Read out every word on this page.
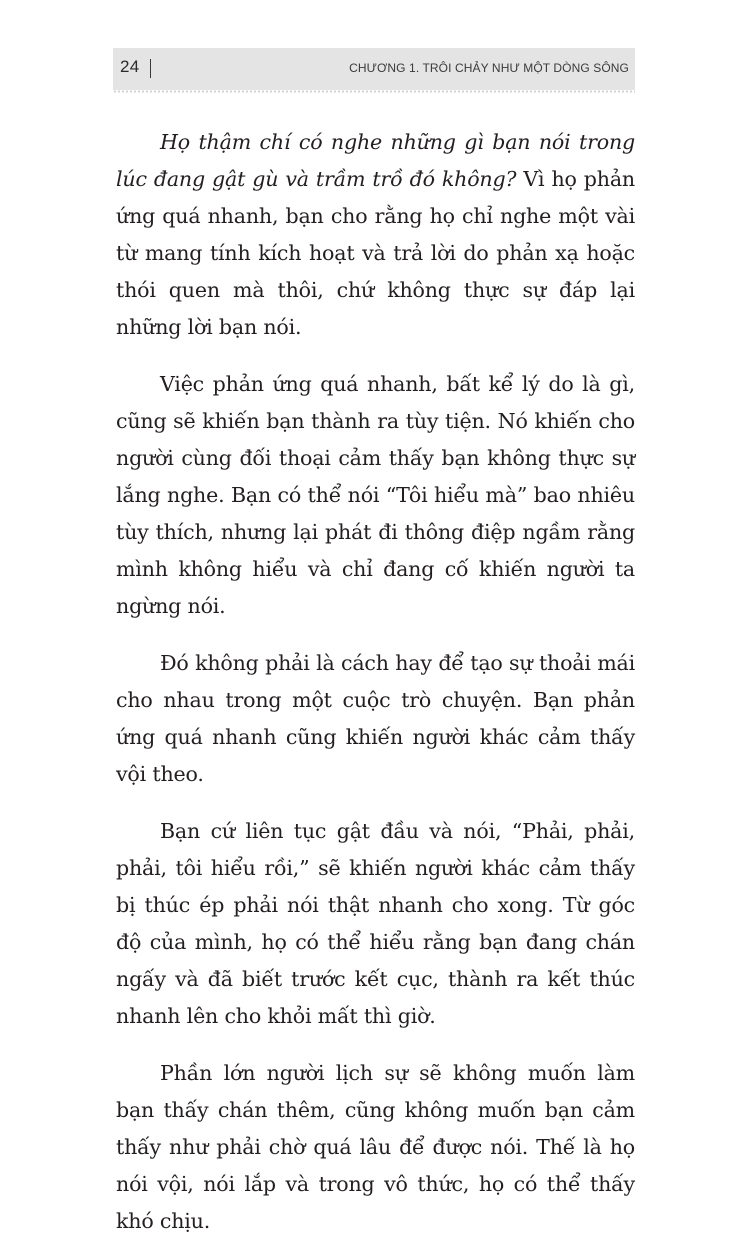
24	CHƯƠNG 1. TRÔI CHẢY NHƯ MỘT DÒNG SÔNG

Họ thậm chí có nghe những gì bạn nói trong lúc đang gật gù và trầm trồ đó không? Vì họ phản ứng quá nhanh, bạn cho rằng họ chỉ nghe một vài từ mang tính kích hoạt và trả lời do phản xạ hoặc thói quen mà thôi, chứ không thực sự đáp lại những lời bạn nói.

Việc phản ứng quá nhanh, bất kể lý do là gì, cũng sẽ khiến bạn thành ra tùy tiện. Nó khiến cho người cùng đối thoại cảm thấy bạn không thực sự lắng nghe. Bạn có thể nói “Tôi hiểu mà” bao nhiêu tùy thích, nhưng lại phát đi thông điệp ngầm rằng mình không hiểu và chỉ đang cố khiến người ta ngừng nói.

Đó không phải là cách hay để tạo sự thoải mái cho nhau trong một cuộc trò chuyện. Bạn phản ứng quá nhanh cũng khiến người khác cảm thấy vội theo.

Bạn cứ liên tục gật đầu và nói, “Phải, phải, phải, tôi hiểu rồi,” sẽ khiến người khác cảm thấy bị thúc ép phải nói thật nhanh cho xong. Từ góc độ của mình, họ có thể hiểu rằng bạn đang chán ngấy và đã biết trước kết cục, thành ra kết thúc nhanh lên cho khỏi mất thì giờ.

Phần lớn người lịch sự sẽ không muốn làm bạn thấy chán thêm, cũng không muốn bạn cảm thấy như phải chờ quá lâu để được nói. Thế là họ nói vội, nói lắp và trong vô thức, họ có thể thấy khó chịu.
